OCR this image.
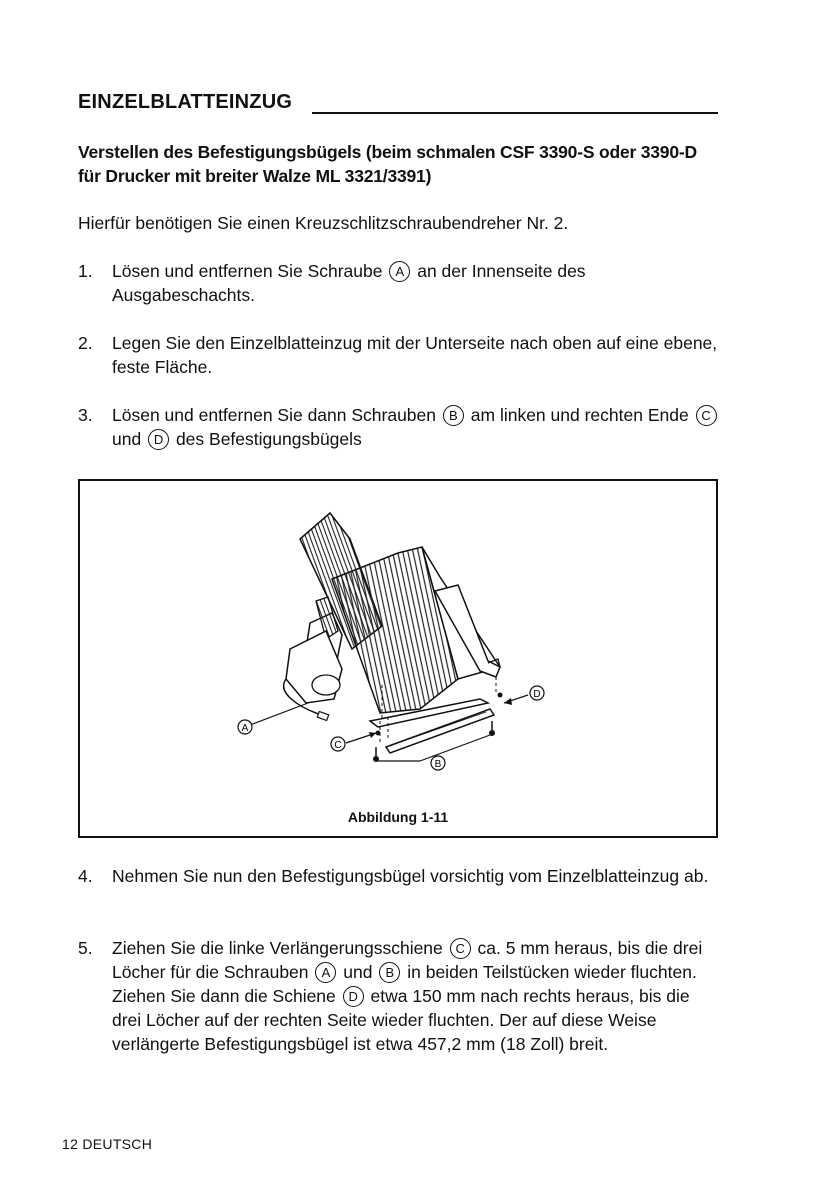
EINZELBLATTEINZUG
Verstellen des Befestigungsbügels (beim schmalen CSF 3390-S oder 3390-D für Drucker mit breiter Walze ML 3321/3391)
Hierfür benötigen Sie einen Kreuzschlitzschraubendreher Nr. 2.
1. Lösen und entfernen Sie Schraube A an der Innenseite des Ausgabeschachts.
2. Legen Sie den Einzelblatteinzug mit der Unterseite nach oben auf eine ebene, feste Fläche.
3. Lösen und entfernen Sie dann Schrauben B am linken und rechten Ende C und D des Befestigungsbügels
A
C
B
D
Abbildung 1-11
4. Nehmen Sie nun den Befestigungsbügel vorsichtig vom Einzelblatteinzug ab.
5. Ziehen Sie die linke Verlängerungsschiene C ca. 5 mm heraus, bis die drei Löcher für die Schrauben A und B in beiden Teilstücken wieder fluchten. Ziehen Sie dann die Schiene D etwa 150 mm nach rechts heraus, bis die drei Löcher auf der rechten Seite wieder fluchten. Der auf diese Weise verlängerte Befestigungsbügel ist etwa 457,2 mm (18 Zoll) breit.
12 DEUTSCH
